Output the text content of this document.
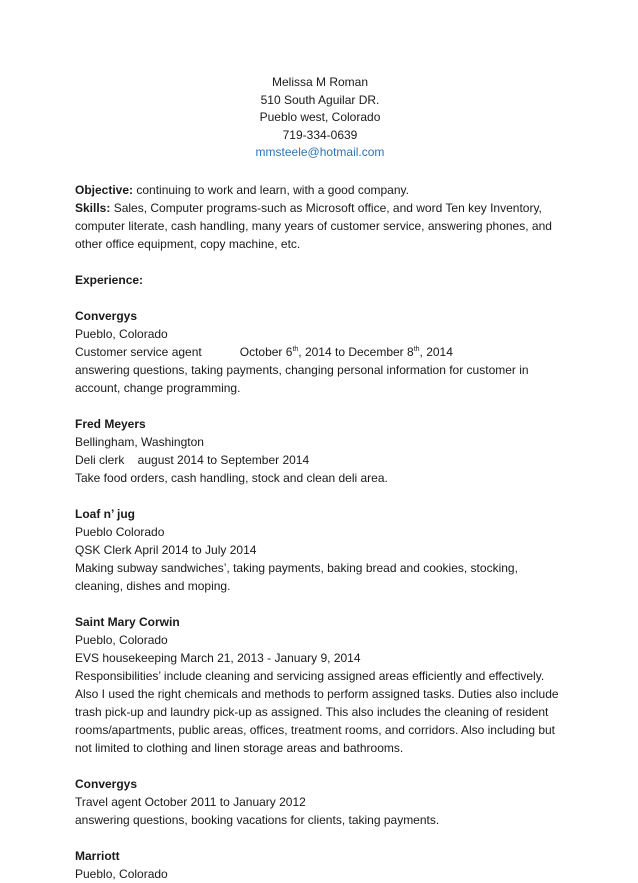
Melissa M Roman
510 South Aguilar DR.
Pueblo west, Colorado
719-334-0639
mmsteele@hotmail.com

Objective: continuing to work and learn, with a good company.

Skills: Sales, Computer programs-such as Microsoft office, and word Ten key Inventory, computer literate, cash handling, many years of customer service, answering phones, and other office equipment, copy machine, etc.

Experience:

Convergys

Pueblo, Colorado

Customer service agent	October 6th, 2014 to December 8th, 2014

answering questions, taking payments, changing personal information for customer in account, change programming.

Fred Meyers

Bellingham, Washington

Deli clerk    august 2014 to September 2014

Take food orders, cash handling, stock and clean deli area.

Loaf n’ jug

Pueblo Colorado

QSK Clerk April 2014 to July 2014

Making subway sandwiches’, taking payments, baking bread and cookies, stocking, cleaning, dishes and moping.

Saint Mary Corwin

Pueblo, Colorado

EVS housekeeping March 21, 2013 - January 9, 2014

Responsibilities’ include cleaning and servicing assigned areas efficiently and effectively. Also I used the right chemicals and methods to perform assigned tasks. Duties also include trash pick-up and laundry pick-up as assigned. This also includes the cleaning of resident rooms/apartments, public areas, offices, treatment rooms, and corridors. Also including but not limited to clothing and linen storage areas and bathrooms.

Convergys

Travel agent October 2011 to January 2012

answering questions, booking vacations for clients, taking payments.

Marriott

Pueblo, Colorado
